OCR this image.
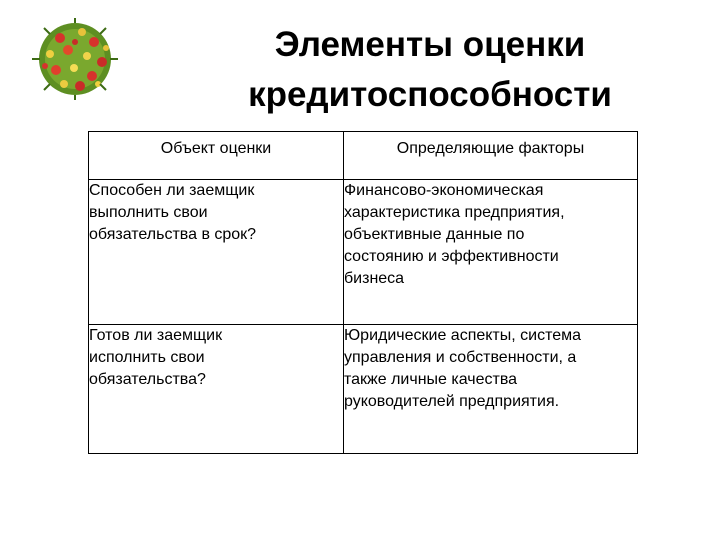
Элементы оценки
кредитоспособности
Объект оценки	Определяющие факторы

Способен ли заемщик
выполнить свои
обязательства в срок?	Финансово-экономическая
характеристика предприятия,
объективные данные по
состоянию и эффективности
бизнеса

Готов ли заемщик
исполнить свои
обязательства?	Юридические аспекты, система
управления и собственности, а
также личные качества
руководителей предприятия.
